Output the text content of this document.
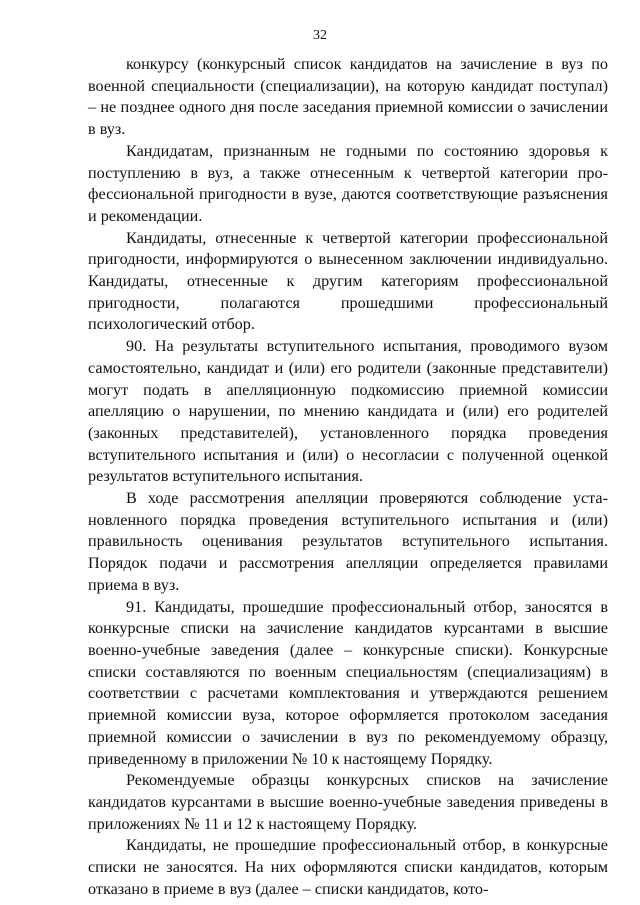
32

конкурсу (конкурсный список кандидатов на зачисление в вуз по военной специальности (специализации), на которую кандидат поступал) – не позднее одного дня после заседания приемной комиссии о зачислении в вуз.

Кандидатам, признанным не годными по состоянию здоровья к поступлению в вуз, а также отнесенным к четвертой категории профессиональной пригодности в вузе, даются соответствующие разъяснения и рекомендации.

Кандидаты, отнесенные к четвертой категории профессиональной пригодности, информируются о вынесенном заключении индивидуально. Кандидаты, отнесенные к другим категориям профессиональной пригодности, полагаются прошедшими профессиональный психологический отбор.

90. На результаты вступительного испытания, проводимого вузом самостоятельно, кандидат и (или) его родители (законные представители) могут подать в апелляционную подкомиссию приемной комиссии апелляцию о нарушении, по мнению кандидата и (или) его родителей (законных представителей), установленного порядка проведения вступительного испытания и (или) о несогласии с полученной оценкой результатов вступительного испытания.

В ходе рассмотрения апелляции проверяются соблюдение установленного порядка проведения вступительного испытания и (или) правильность оценивания результатов вступительного испытания. Порядок подачи и рассмотрения апелляции определяется правилами приема в вуз.

91. Кандидаты, прошедшие профессиональный отбор, заносятся в конкурсные списки на зачисление кандидатов курсантами в высшие военно-учебные заведения (далее – конкурсные списки). Конкурсные списки составляются по военным специальностям (специализациям) в соответствии с расчетами комплектования и утверждаются решением приемной комиссии вуза, которое оформляется протоколом заседания приемной комиссии о зачислении в вуз по рекомендуемому образцу, приведенному в приложении № 10 к настоящему Порядку.

Рекомендуемые образцы конкурсных списков на зачисление кандидатов курсантами в высшие военно-учебные заведения приведены в приложениях № 11 и 12 к настоящему Порядку.

Кандидаты, не прошедшие профессиональный отбор, в конкурсные списки не заносятся. На них оформляются списки кандидатов, которым отказано в приеме в вуз (далее – списки кандидатов, кото-
